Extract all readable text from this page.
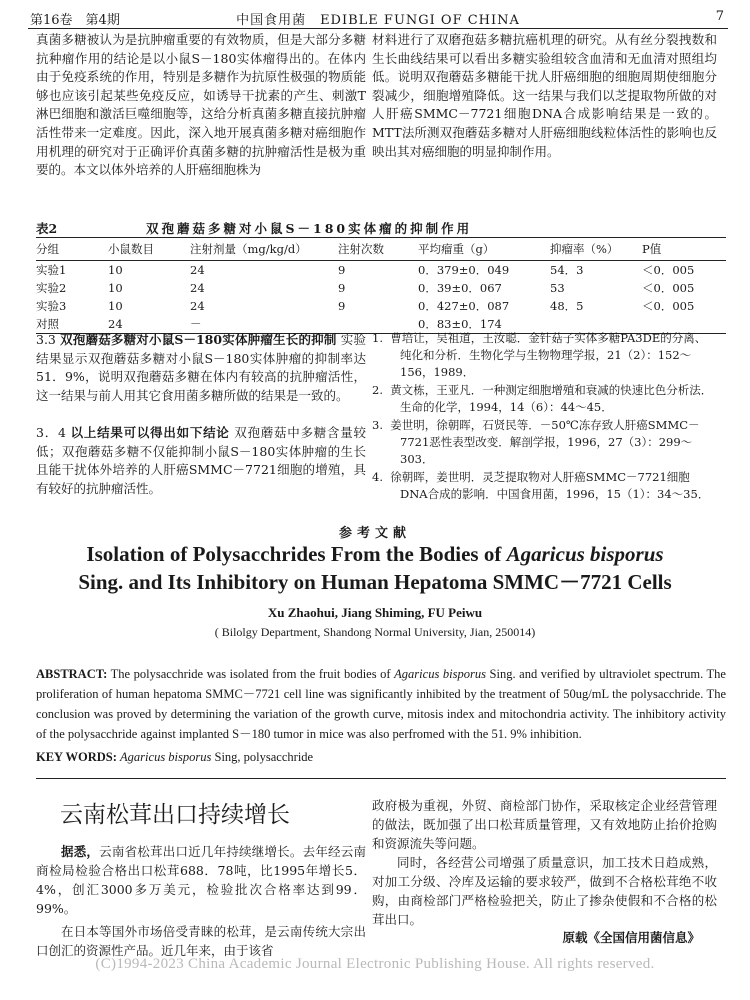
第16卷　第4期	中国食用菌　EDIBLE FUNGI OF CHINA	7
真菌多糖被认为是抗肿瘤重要的有效物质，但是大部分多糖抗种瘤作用的结论是以小鼠S－180实体瘤得出的。在体内由于免疫系统的作用，特别是多糖作为抗原性极强的物质能够也应该引起某些免疫反应，如诱导干扰素的产生、刺激T淋巴细胞和激活巨噬细胞等，这给分析真菌多糖直接抗肿瘤活性带来一定难度。因此，深入地开展真菌多糖对癌细胞作用机理的研究对于正确评价真菌多糖的抗肿瘤活性是极为重要的。本文以体外培养的人肝癌细胞株为
材料进行了双磨孢菇多糖抗癌机理的研究。从有丝分裂拽数和生长曲线结果可以看出多糖实验组较含血清和无血清对照组均低。说明双孢蘑菇多糖能干扰人肝癌细胞的细胞周期使细胞分裂减少，细胞增殖降低。这一结果与我们以芝提取物所做的对人肝癌SMMC－7721细胞DNA合成影响结果是一致的。MTT法所测双孢蘑菇多糖对人肝癌细胞线粒体活性的影响也反映出其对癌细胞的明显抑制作用。
表2	双孢蘑菇多糖对小鼠S－180实体瘤的抑制作用
分组	小鼠数目	注射剂量（mg/kg/d）	注射次数	平均瘤重（g）	抑瘤率（%）	P值
实验1	10	24	9	0．379±0．049	54．3	＜0．005
实验2	10	24	9	0．39±0．067	53	＜0．005
实验3	10	24	9	0．427±0．087	48．5	＜0．005
对照	24	－		0．83±0．174		
3.3 双孢蘑菇多糖对小鼠S－180实体肿瘤生长的抑制 实验结果显示双孢蘑菇多糖对小鼠S－180实体肿瘤的抑制率达51．9%，说明双孢蘑菇多糖在体内有较高的抗肿瘤活性，这一结果与前人用其它食用菌多糖所做的结果是一致的。
3．4 以上结果可以得出如下结论 双孢蘑菇中多糖含量较低；双孢蘑菇多糖不仅能抑制小鼠S－180实体肿瘤的生长且能干扰体外培养的人肝癌SMMC－7721细胞的增殖，具有较好的抗肿瘤活性。
1. 曹培让，吴祖道，王汝聪．金针菇子实体多糖PA3DE的分离、纯化和分析．生物化学与生物物理学报，21（2）：152～156，1989．
2. 黄文栋，王亚凡．一种测定细胞增殖和衰减的快速比色分析法．生命的化学，1994，14（6）：44～45．
3. 姜世明，徐朝晖，石贤民等．－50℃冻存致人肝癌SMMC－7721恶性表型改变．解剖学报，1996，27（3）：299～303．
4. 徐朝晖，姜世明．灵芝提取物对人肝癌SMMC－7721细胞DNA合成的影响．中国食用菌，1996，15（1）：34～35．
参考文献
Isolation of Polysacchrides From the Bodies of Agaricus bisporus
Sing. and Its Inhibitory on Human Hepatoma SMMC－7721 Cells
Xu Zhaohui, Jiang Shiming, FU Peiwu
( Bilolgy Department, Shandong Normal University, Jian, 250014)
ABSTRACT: The polysacchride was isolated from the fruit bodies of Agaricus bisporus Sing. and verified by ultraviolet spectrum. The proliferation of human hepatoma SMMC－7721 cell line was significantly inhibited by the treatment of 50ug/mL the polysacchride. The conclusion was proved by determining the variation of the growth curve, mitosis index and mitochondria activity. The inhibitory activity of the polysacchride against implanted S－180 tumor in mice was also perfromed with the 51. 9% inhibition.
KEY WORDS: Agaricus bisporus Sing, polysacchride
云南松茸出口持续增长
据悉，云南省松茸出口近几年持续继增长。去年经云南商检局检验合格出口松茸688．78吨，比1995年增长5．4%，创汇3000多万美元，检验批次合格率达到99．99%。
在日本等国外市场倍受青睐的松茸，是云南传统大宗出口创汇的资源性产品。近几年来，由于该省
政府极为重视，外贸、商检部门协作，采取核定企业经营管理的做法，既加强了出口松茸质量管理，又有效地防止抬价抢购和资源流失等问题。
同时，各经营公司增强了质量意识，加工技术日趋成熟，对加工分级、冷库及运输的要求较严，做到不合格松茸绝不收购，由商检部门严格检验把关，防止了掺杂使假和不合格的松茸出口。
原载《全国信用菌信息》
(C)1994-2023 China Academic Journal Electronic Publishing House. All rights reserved.
